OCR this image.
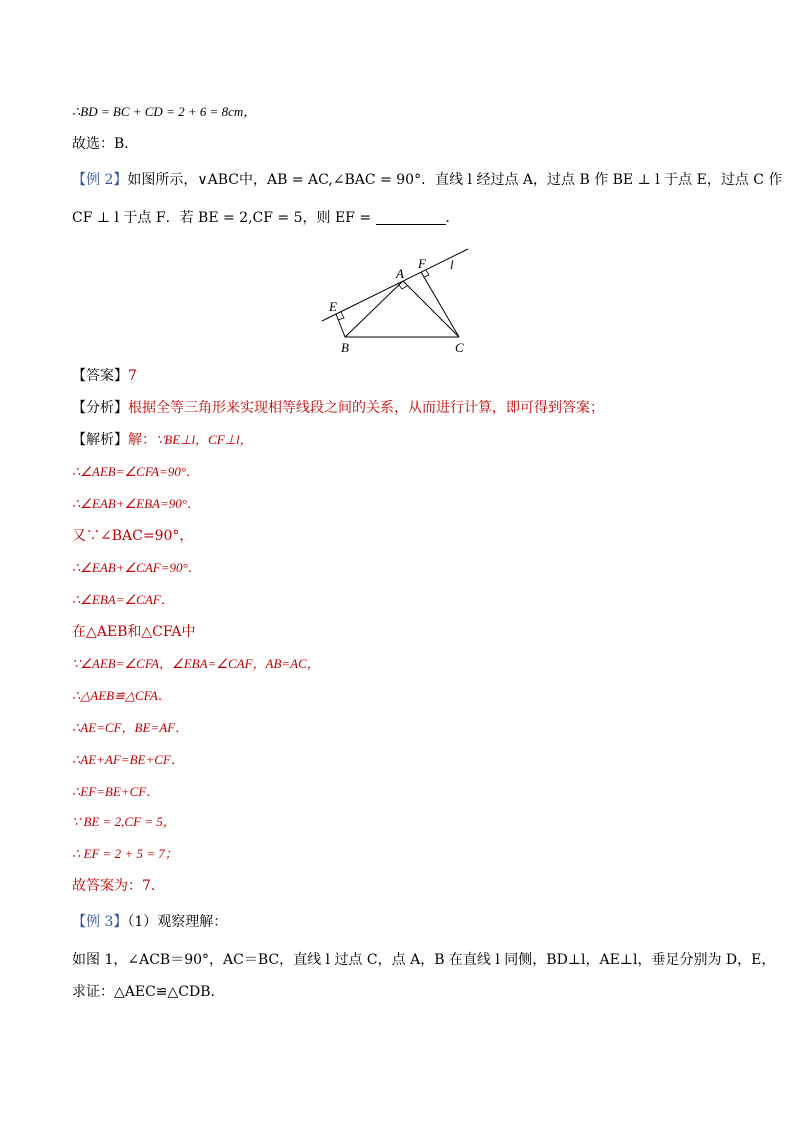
∴BD = BC + CD = 2 + 6 = 8cm，
故选：B．
【例 2】如图所示，∨ABC中，AB = AC,∠BAC = 90°．直线 l 经过点 A，过点 B 作 BE ⊥ l 于点 E，过点 C 作
CF ⊥ l 于点 F．若 BE = 2,CF = 5，则 EF =	．
E
A
F l
B	C
【答案】7
【分析】根据全等三角形来实现相等线段之间的关系，从而进行计算，即可得到答案；
【解析】解：∵BE⊥l，CF⊥l，
∴∠AEB=∠CFA=90°．
∴∠EAB+∠EBA=90°．
又∵∠BAC=90°，
∴∠EAB+∠CAF=90°．
∴∠EBA=∠CAF．
在△AEB和△CFA中
∵∠AEB=∠CFA，∠EBA=∠CAF，AB=AC，
∴△AEB≌△CFA．
∴AE=CF，BE=AF．
∴AE+AF=BE+CF．
∴EF=BE+CF．
∵ BE = 2,CF = 5，
∴ EF = 2 + 5 = 7；
故答案为：7．
【例 3】（1）观察理解：
如图 1，∠ACB＝90°，AC＝BC，直线 l 过点 C，点 A，B 在直线 l 同侧，BD⊥l，AE⊥l，垂足分别为 D，E，
求证：△AEC≌△CDB．
